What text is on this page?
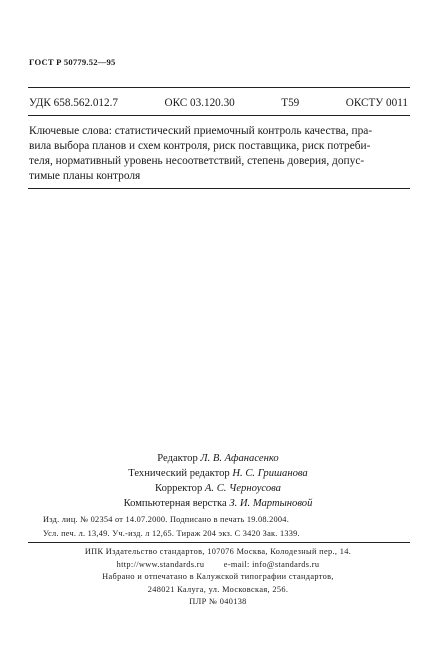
ГОСТ Р 50779.52—95
УДК 658.562.012.7	ОКС 03.120.30	Т59	ОКСТУ 0011
Ключевые слова: статистический приемочный контроль качества, пра-
вила выбора планов и схем контроля, риск поставщика, риск потреби-
теля, нормативный уровень несоответствий, степень доверия, допус-
тимые планы контроля
Редактор Л. В. Афанасенко
Технический редактор Н. С. Гришанова
Корректор А. С. Черноусова
Компьютерная верстка З. И. Мартыновой
Изд. лиц. № 02354 от 14.07.2000. Подписано в печать 19.08.2004.
Усл. печ. л. 13,49. Уч.-изд. л 12,65. Тираж 204 экз. С 3420 Зак. 1339.
ИПК Издательство стандартов, 107076 Москва, Колодезный пер., 14.
http://www.standards.ru        e-mail: info@standards.ru
Набрано и отпечатано в Калужской типографии стандартов,
248021 Калуга, ул. Московская, 256.
ПЛР № 040138
